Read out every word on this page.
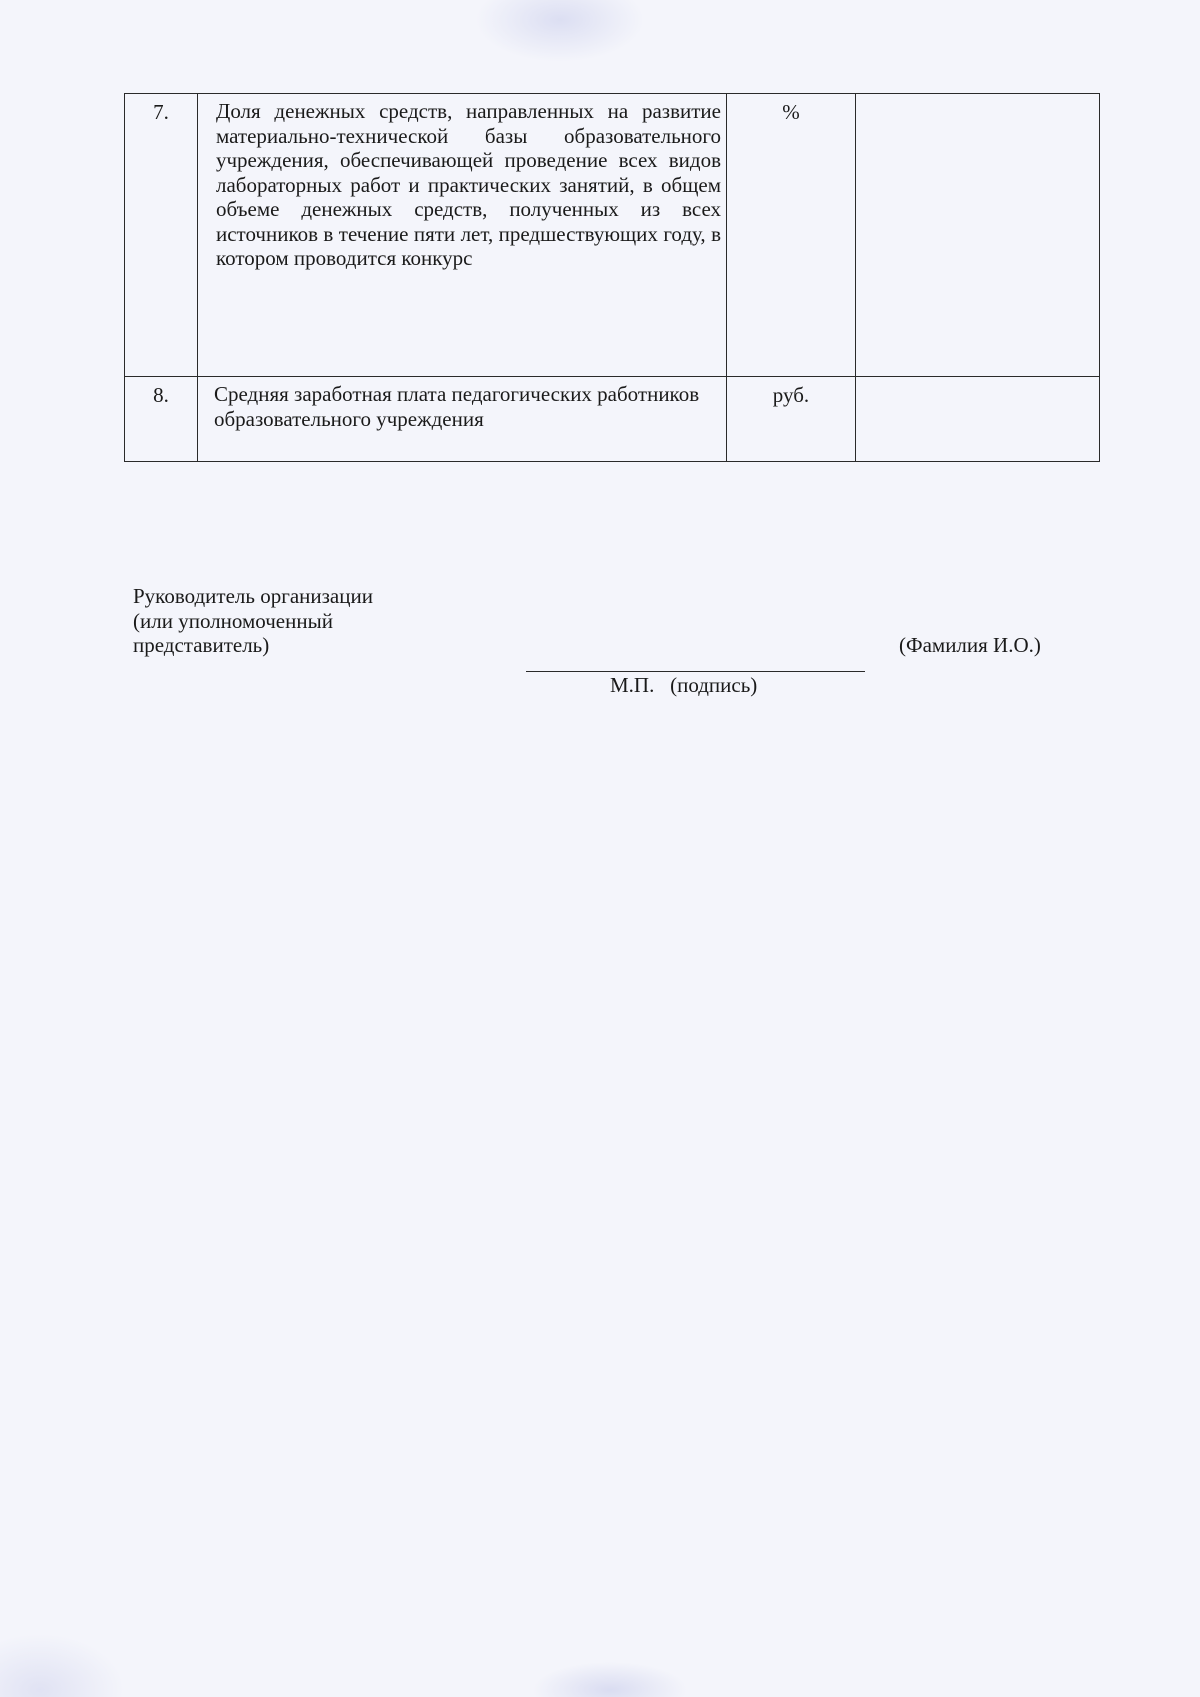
7.	Доля денежных средств, направленных на развитие материально-технической базы образовательного учреждения, обеспечивающей проведение всех видов лабораторных работ и практических занятий, в общем объеме денежных средств, полученных из всех источников в течение пяти лет, предшествующих году, в котором проводится конкурс	%	
8.	Средняя заработная плата педагогических работников образовательного учреждения	руб.	
Руководитель организации
(или уполномоченный
представитель)
М.П.   (подпись)
(Фамилия И.О.)
